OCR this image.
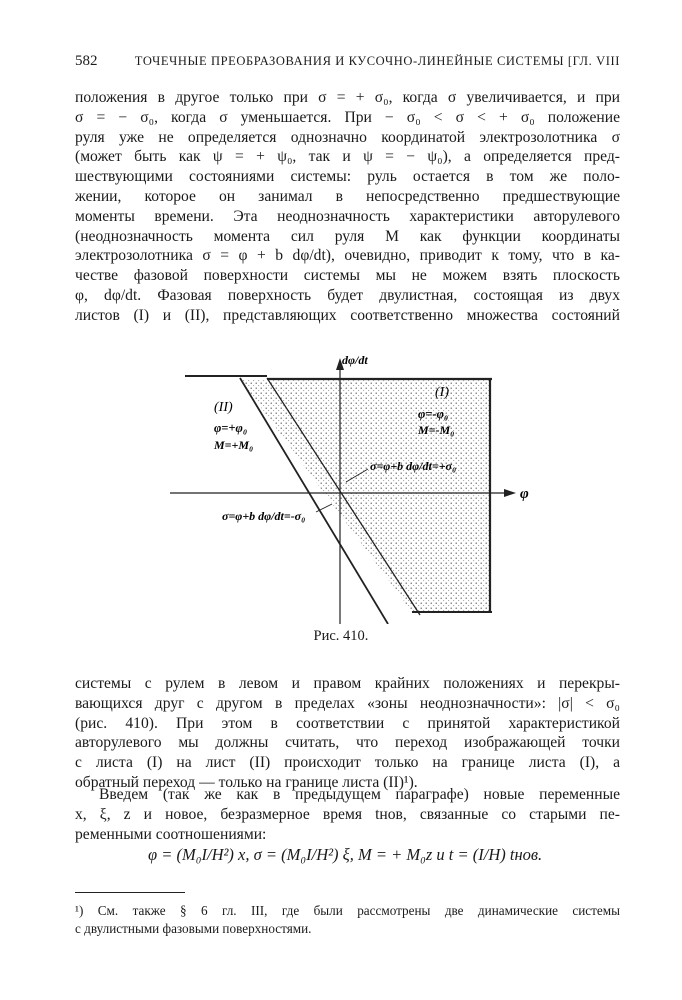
582	ТОЧЕЧНЫЕ ПРЕОБРАЗОВАНИЯ И КУСОЧНО-ЛИНЕЙНЫЕ СИСТЕМЫ [ГЛ. VIII
положения в другое только при σ = + σ₀, когда σ увеличивается, и при
σ = − σ₀, когда σ уменьшается. При − σ₀ < σ < + σ₀ положение
руля уже не определяется однозначно координатой электрозолотника σ
(может быть как ψ = + ψ₀, так и ψ = − ψ₀), а определяется пред-
шествующими состояниями системы: руль остается в том же поло-
жении, которое он занимал в непосредственно предшествующие
моменты времени. Эта неоднозначность характеристики авторулевого
(неоднозначность момента сил руля M как функции координаты
электрозолотника σ = φ + b dφ/dt), очевидно, приводит к тому, что в ка-
честве фазовой поверхности системы мы не можем взять плоскость
φ, dφ/dt. Фазовая поверхность будет двулистная, состоящая из двух
листов (I) и (II), представляющих соответственно множества состояний
dφ/dt
φ
(I)
φ=-φ₀
M=-M₀
(II)
φ=+φ₀
M=+M₀
σ=φ+b dφ/dt=+σ₀
σ=φ+b dφ/dt=-σ₀
Рис. 410.
системы с рулем в левом и правом крайних положениях и перекры-
вающихся друг с другом в пределах «зоны неоднозначности»: |σ| < σ₀
(рис. 410). При этом в соответствии с принятой характеристикой
авторулевого мы должны считать, что переход изображающей точки
с листа (I) на лист (II) происходит только на границе листа (I), а
обратный переход — только на границе листа (II)¹).
Введем (так же как в предыдущем параграфе) новые переменные
x, ξ, z и новое, безразмерное время tнов, связанные со старыми пе-
ременными соотношениями:
φ = (M₀I/H²) x, σ = (M₀I/H²) ξ, M = + M₀z и t = (I/H) tнов.
¹) См. также § 6 гл. III, где были рассмотрены две динамические системы
с двулистными фазовыми поверхностями.
